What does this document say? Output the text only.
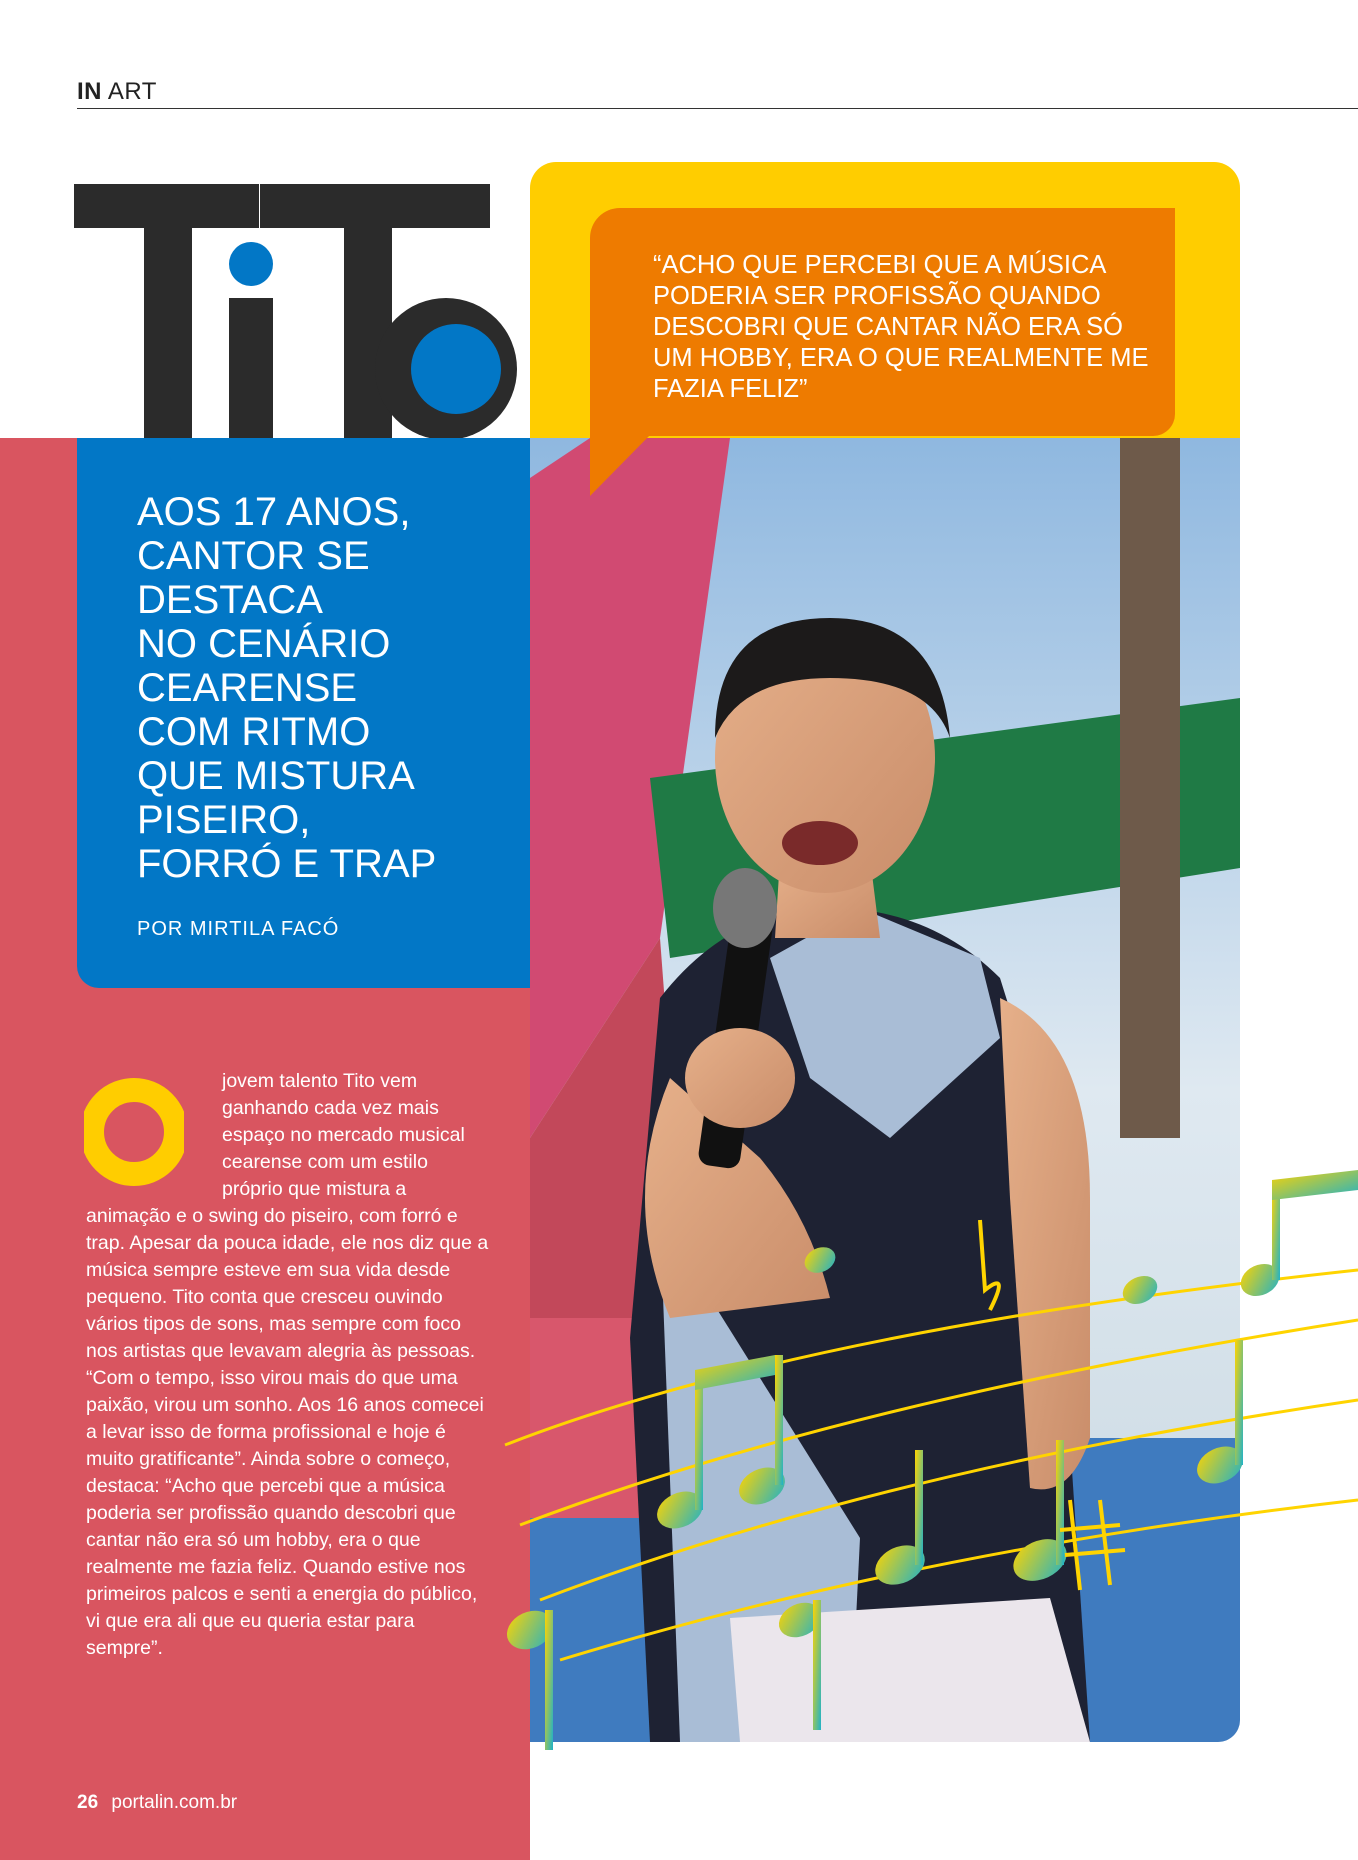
IN ART
“ACHO QUE PERCEBI QUE A MÚSICA PODERIA SER PROFISSÃO QUANDO DESCOBRI QUE CANTAR NÃO ERA SÓ UM HOBBY, ERA O QUE REALMENTE ME FAZIA FELIZ”
AOS 17 ANOS,
CANTOR SE
DESTACA
NO CENÁRIO
CEARENSE
COM RITMO
QUE MISTURA
PISEIRO,
FORRÓ E TRAP
POR MIRTILA FACÓ
jovem talento Tito vem ganhando cada vez mais espaço no mercado musical cearense com um estilo próprio que mistura a animação e o swing do piseiro, com forró e trap. Apesar da pouca idade, ele nos diz que a música sempre esteve em sua vida desde pequeno. Tito conta que cresceu ouvindo vários tipos de sons, mas sempre com foco nos artistas que levavam alegria às pessoas. “Com o tempo, isso virou mais do que uma paixão, virou um sonho. Aos 16 anos comecei a levar isso de forma profissional e hoje é muito gratificante”. Ainda sobre o começo, destaca: “Acho que percebi que a música poderia ser profissão quando descobri que cantar não era só um hobby, era o que realmente me fazia feliz. Quando estive nos primeiros palcos e senti a energia do público, vi que era ali que eu queria estar para sempre”.
26 portalin.com.br
